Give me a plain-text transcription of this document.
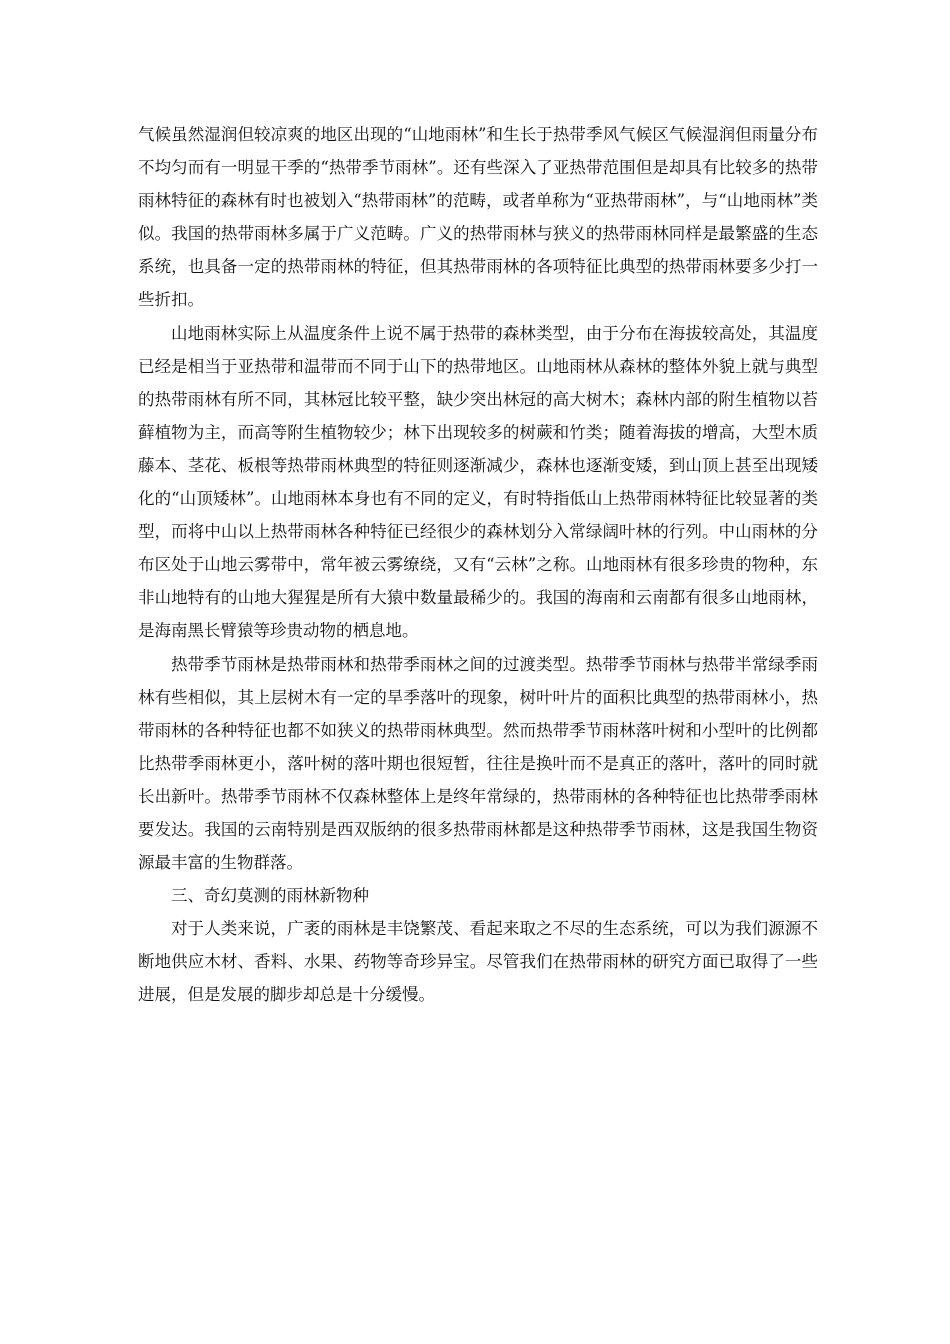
气候虽然湿润但较凉爽的地区出现的“山地雨林”和生长于热带季风气候区气候湿润但雨量分布不均匀而有一明显干季的“热带季节雨林”。还有些深入了亚热带范围但是却具有比较多的热带雨林特征的森林有时也被划入“热带雨林”的范畴，或者单称为“亚热带雨林”，与“山地雨林”类似。我国的热带雨林多属于广义范畴。广义的热带雨林与狭义的热带雨林同样是最繁盛的生态系统，也具备一定的热带雨林的特征，但其热带雨林的各项特征比典型的热带雨林要多少打一些折扣。

山地雨林实际上从温度条件上说不属于热带的森林类型，由于分布在海拔较高处，其温度已经是相当于亚热带和温带而不同于山下的热带地区。山地雨林从森林的整体外貌上就与典型的热带雨林有所不同，其林冠比较平整，缺少突出林冠的高大树木；森林内部的附生植物以苔藓植物为主，而高等附生植物较少；林下出现较多的树蕨和竹类；随着海拔的增高，大型木质藤本、茎花、板根等热带雨林典型的特征则逐渐减少，森林也逐渐变矮，到山顶上甚至出现矮化的“山顶矮林”。山地雨林本身也有不同的定义，有时特指低山上热带雨林特征比较显著的类型，而将中山以上热带雨林各种特征已经很少的森林划分入常绿阔叶林的行列。中山雨林的分布区处于山地云雾带中，常年被云雾缭绕，又有“云林”之称。山地雨林有很多珍贵的物种，东非山地特有的山地大猩猩是所有大猿中数量最稀少的。我国的海南和云南都有很多山地雨林，是海南黑长臂猿等珍贵动物的栖息地。

热带季节雨林是热带雨林和热带季雨林之间的过渡类型。热带季节雨林与热带半常绿季雨林有些相似，其上层树木有一定的旱季落叶的现象，树叶叶片的面积比典型的热带雨林小，热带雨林的各种特征也都不如狭义的热带雨林典型。然而热带季节雨林落叶树和小型叶的比例都比热带季雨林更小，落叶树的落叶期也很短暂，往往是换叶而不是真正的落叶，落叶的同时就长出新叶。热带季节雨林不仅森林整体上是终年常绿的，热带雨林的各种特征也比热带季雨林要发达。我国的云南特别是西双版纳的很多热带雨林都是这种热带季节雨林，这是我国生物资源最丰富的生物群落。

三、奇幻莫测的雨林新物种

对于人类来说，广袤的雨林是丰饶繁茂、看起来取之不尽的生态系统，可以为我们源源不断地供应木材、香料、水果、药物等奇珍异宝。尽管我们在热带雨林的研究方面已取得了一些进展，但是发展的脚步却总是十分缓慢。
